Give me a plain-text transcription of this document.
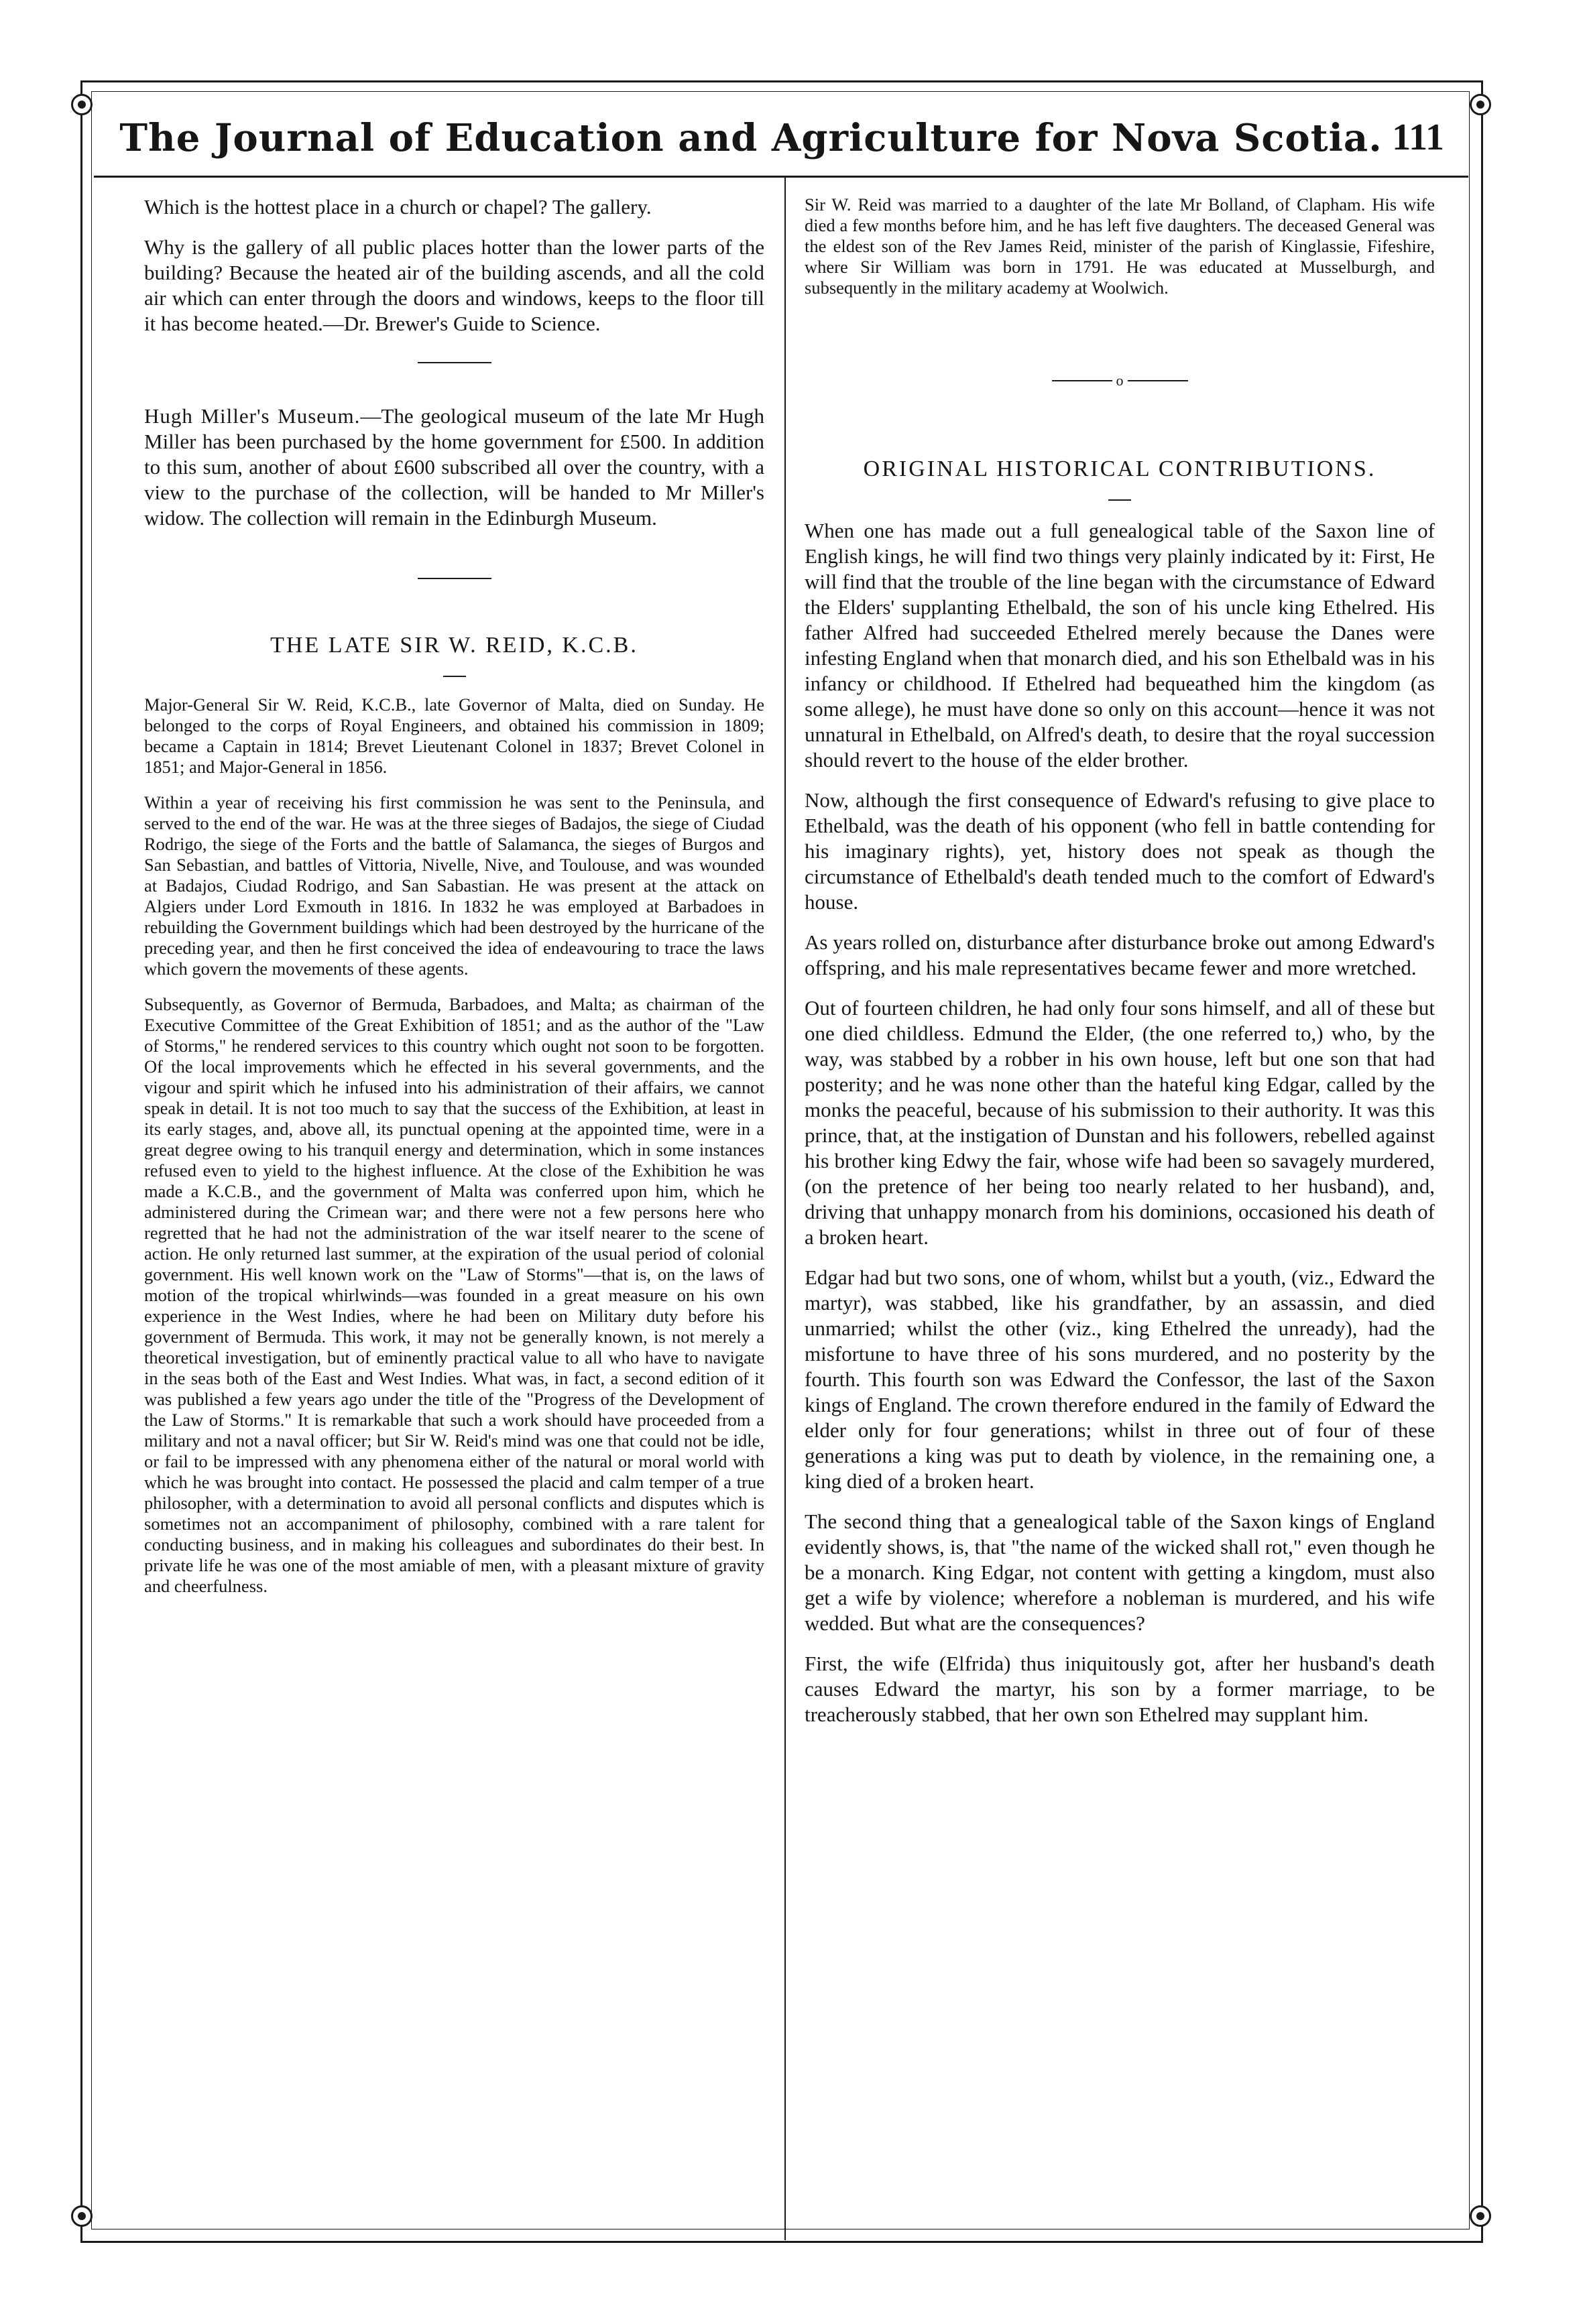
The Journal of Education and Agriculture for Nova Scotia. 111

Which is the hottest place in a church or chapel? The gallery.

Why is the gallery of all public places hotter than the lower parts of the building? Because the heated air of the building ascends, and all the cold air which can enter through the doors and windows, keeps to the floor till it has become heated.—Dr. Brewer's Guide to Science.

Hugh Miller's Museum.—The geological museum of the late Mr Hugh Miller has been purchased by the home government for £500. In addition to this sum, another of about £600 subscribed all over the country, with a view to the purchase of the collection, will be handed to Mr Miller's widow. The collection will remain in the Edinburgh Museum.

THE LATE SIR W. REID, K.C.B.

Major-General Sir W. Reid, K.C.B., late Governor of Malta, died on Sunday. He belonged to the corps of Royal Engineers, and obtained his commission in 1809; became a Captain in 1814; Brevet Lieutenant Colonel in 1837; Brevet Colonel in 1851; and Major-General in 1856.

Within a year of receiving his first commission he was sent to the Peninsula, and served to the end of the war. He was at the three sieges of Badajos, the siege of Ciudad Rodrigo, the siege of the Forts and the battle of Salamanca, the sieges of Burgos and San Sebastian, and battles of Vittoria, Nivelle, Nive, and Toulouse, and was wounded at Badajos, Ciudad Rodrigo, and San Sabastian. He was present at the attack on Algiers under Lord Exmouth in 1816. In 1832 he was employed at Barbadoes in rebuilding the Government buildings which had been destroyed by the hurricane of the preceding year, and then he first conceived the idea of endeavouring to trace the laws which govern the movements of these agents.

Subsequently, as Governor of Bermuda, Barbadoes, and Malta; as chairman of the Executive Committee of the Great Exhibition of 1851; and as the author of the "Law of Storms," he rendered services to this country which ought not soon to be forgotten. Of the local improvements which he effected in his several governments, and the vigour and spirit which he infused into his administration of their affairs, we cannot speak in detail. It is not too much to say that the success of the Exhibition, at least in its early stages, and, above all, its punctual opening at the appointed time, were in a great degree owing to his tranquil energy and determination, which in some instances refused even to yield to the highest influence. At the close of the Exhibition he was made a K.C.B., and the government of Malta was conferred upon him, which he administered during the Crimean war; and there were not a few persons here who regretted that he had not the administration of the war itself nearer to the scene of action. He only returned last summer, at the expiration of the usual period of colonial government. His well known work on the "Law of Storms"—that is, on the laws of motion of the tropical whirlwinds—was founded in a great measure on his own experience in the West Indies, where he had been on Military duty before his government of Bermuda. This work, it may not be generally known, is not merely a theoretical investigation, but of eminently practical value to all who have to navigate in the seas both of the East and West Indies. What was, in fact, a second edition of it was published a few years ago under the title of the "Progress of the Development of the Law of Storms." It is remarkable that such a work should have proceeded from a military and not a naval officer; but Sir W. Reid's mind was one that could not be idle, or fail to be impressed with any phenomena either of the natural or moral world with which he was brought into contact. He possessed the placid and calm temper of a true philosopher, with a determination to avoid all personal conflicts and disputes which is sometimes not an accompaniment of philosophy, combined with a rare talent for conducting business, and in making his colleagues and subordinates do their best. In private life he was one of the most amiable of men, with a pleasant mixture of gravity and cheerfulness.

Sir W. Reid was married to a daughter of the late Mr Bolland, of Clapham. His wife died a few months before him, and he has left five daughters. The deceased General was the eldest son of the Rev James Reid, minister of the parish of Kinglassie, Fifeshire, where Sir William was born in 1791. He was educated at Musselburgh, and subsequently in the military academy at Woolwich.

o
ORIGINAL HISTORICAL CONTRIBUTIONS.

When one has made out a full genealogical table of the Saxon line of English kings, he will find two things very plainly indicated by it: First, He will find that the trouble of the line began with the circumstance of Edward the Elders' supplanting Ethelbald, the son of his uncle king Ethelred. His father Alfred had succeeded Ethelred merely because the Danes were infesting England when that monarch died, and his son Ethelbald was in his infancy or childhood. If Ethelred had bequeathed him the kingdom (as some allege), he must have done so only on this account—hence it was not unnatural in Ethelbald, on Alfred's death, to desire that the royal succession should revert to the house of the elder brother.

Now, although the first consequence of Edward's refusing to give place to Ethelbald, was the death of his opponent (who fell in battle contending for his imaginary rights), yet, history does not speak as though the circumstance of Ethelbald's death tended much to the comfort of Edward's house.

As years rolled on, disturbance after disturbance broke out among Edward's offspring, and his male representatives became fewer and more wretched.

Out of fourteen children, he had only four sons himself, and all of these but one died childless. Edmund the Elder, (the one referred to,) who, by the way, was stabbed by a robber in his own house, left but one son that had posterity; and he was none other than the hateful king Edgar, called by the monks the peaceful, because of his submission to their authority. It was this prince, that, at the instigation of Dunstan and his followers, rebelled against his brother king Edwy the fair, whose wife had been so savagely murdered, (on the pretence of her being too nearly related to her husband), and, driving that unhappy monarch from his dominions, occasioned his death of a broken heart.

Edgar had but two sons, one of whom, whilst but a youth, (viz., Edward the martyr), was stabbed, like his grandfather, by an assassin, and died unmarried; whilst the other (viz., king Ethelred the unready), had the misfortune to have three of his sons murdered, and no posterity by the fourth. This fourth son was Edward the Confessor, the last of the Saxon kings of England. The crown therefore endured in the family of Edward the elder only for four generations; whilst in three out of four of these generations a king was put to death by violence, in the remaining one, a king died of a broken heart.

The second thing that a genealogical table of the Saxon kings of England evidently shows, is, that "the name of the wicked shall rot," even though he be a monarch. King Edgar, not content with getting a kingdom, must also get a wife by violence; wherefore a nobleman is murdered, and his wife wedded. But what are the consequences?

First, the wife (Elfrida) thus iniquitously got, after her husband's death causes Edward the martyr, his son by a former marriage, to be treacherously stabbed, that her own son Ethelred may supplant him.
